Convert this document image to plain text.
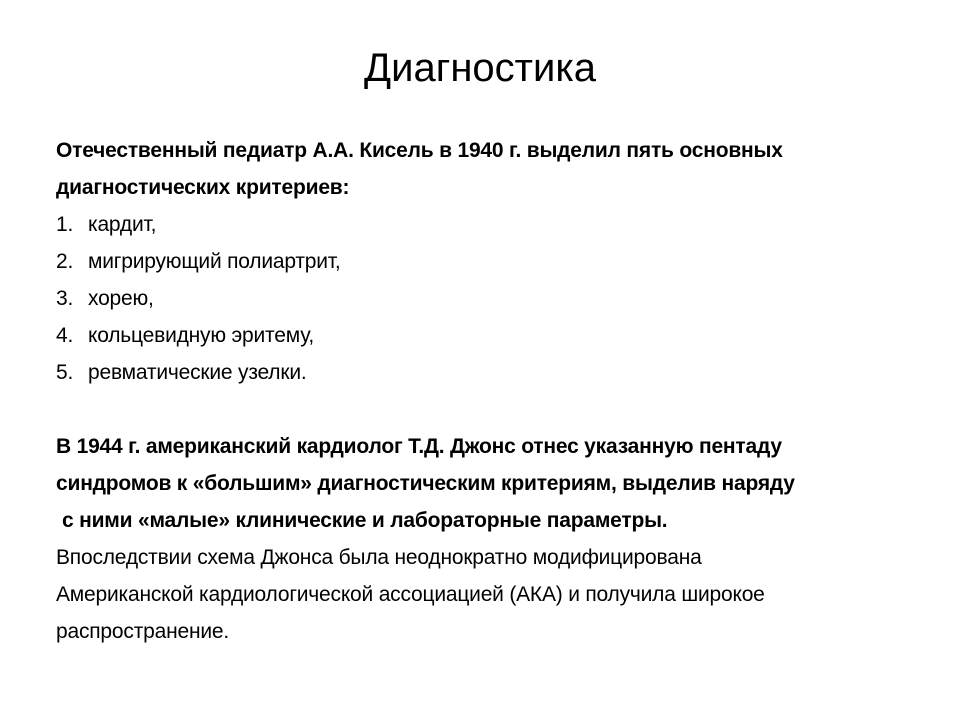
Диагностика

Отечественный педиатр А.А. Кисель в 1940 г. выделил пять основных

диагностических критериев:

1. кардит,

2. мигрирующий полиартрит,

3. хорею,

4. кольцевидную эритему,

5. ревматические узелки.

В 1944 г. американский кардиолог Т.Д. Джонс отнес указанную пентаду

синдромов к «большим» диагностическим критериям, выделив наряду

с ними «малые» клинические и лабораторные параметры.

Впоследствии схема Джонса была неоднократно модифицирована

Американской кардиологической ассоциацией (АКА) и получила широкое

распространение.
